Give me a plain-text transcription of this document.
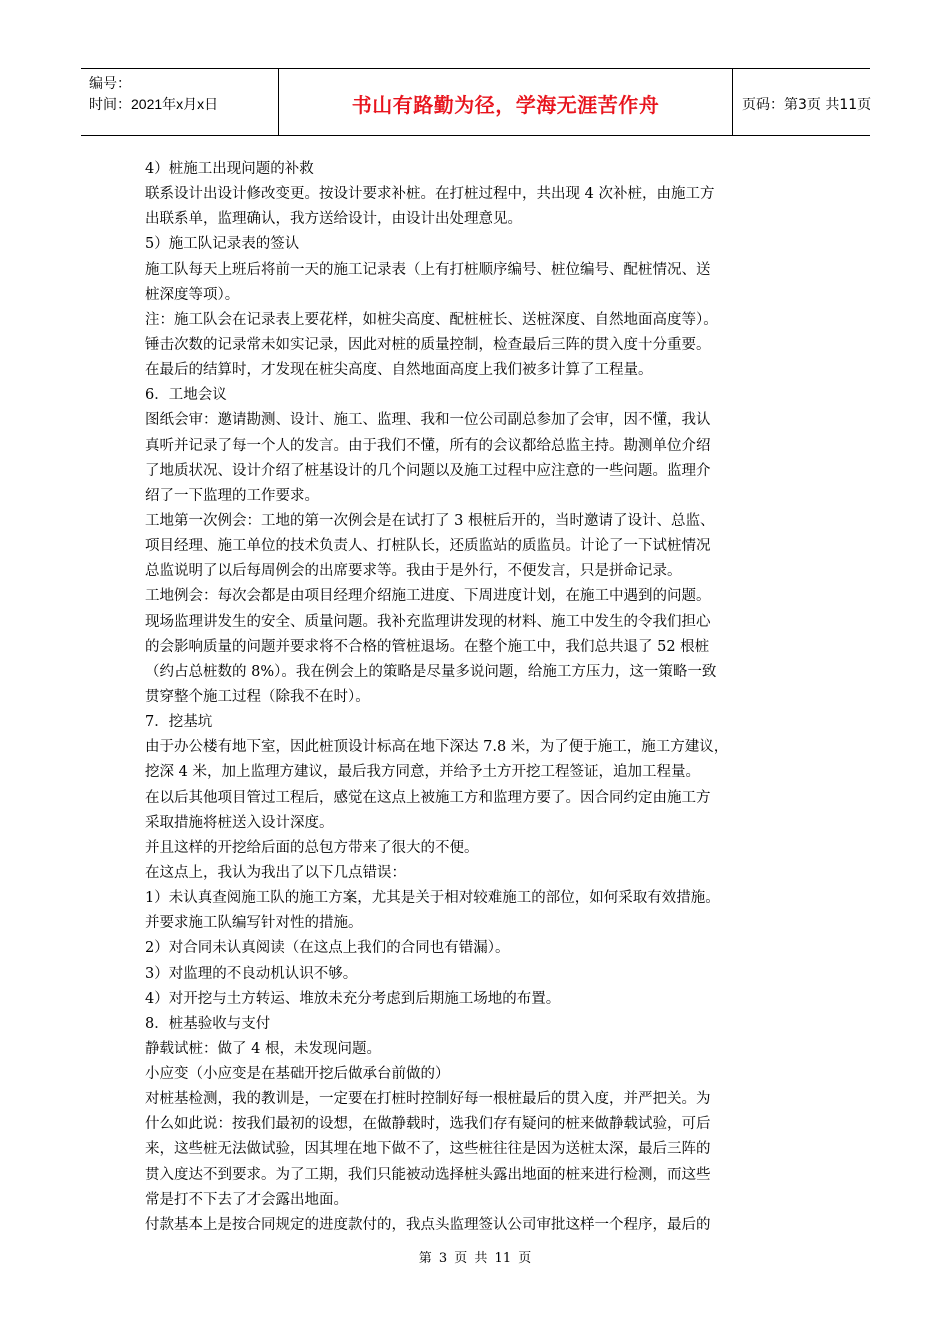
编号：
时间：2021年x月x日	书山有路勤为径，学海无涯苦作舟	页码：第3页 共11页
4）桩施工出现问题的补救
联系设计出设计修改变更。按设计要求补桩。在打桩过程中，共出现 4 次补桩，由施工方
出联系单，监理确认，我方送给设计，由设计出处理意见。
5）施工队记录表的签认
施工队每天上班后将前一天的施工记录表（上有打桩顺序编号、桩位编号、配桩情况、送
桩深度等项）。
注：施工队会在记录表上要花样，如桩尖高度、配桩桩长、送桩深度、自然地面高度等）。
锤击次数的记录常未如实记录，因此对桩的质量控制，检查最后三阵的贯入度十分重要。
在最后的结算时，才发现在桩尖高度、自然地面高度上我们被多计算了工程量。
6．工地会议
图纸会审：邀请勘测、设计、施工、监理、我和一位公司副总参加了会审，因不懂，我认
真听并记录了每一个人的发言。由于我们不懂，所有的会议都给总监主持。勘测单位介绍
了地质状况、设计介绍了桩基设计的几个问题以及施工过程中应注意的一些问题。监理介
绍了一下监理的工作要求。
工地第一次例会：工地的第一次例会是在试打了 3 根桩后开的，当时邀请了设计、总监、
项目经理、施工单位的技术负责人、打桩队长，还质监站的质监员。计论了一下试桩情况
总监说明了以后每周例会的出席要求等。我由于是外行，不便发言，只是拼命记录。
工地例会：每次会都是由项目经理介绍施工进度、下周进度计划，在施工中遇到的问题。
现场监理讲发生的安全、质量问题。我补充监理讲发现的材料、施工中发生的令我们担心
的会影响质量的问题并要求将不合格的管桩退场。在整个施工中，我们总共退了 52 根桩
（约占总桩数的 8%）。我在例会上的策略是尽量多说问题，给施工方压力，这一策略一致
贯穿整个施工过程（除我不在时）。
7．挖基坑
由于办公楼有地下室，因此桩顶设计标高在地下深达 7.8 米，为了便于施工，施工方建议，
挖深 4 米，加上监理方建议，最后我方同意，并给予土方开挖工程签证，追加工程量。
在以后其他项目管过工程后，感觉在这点上被施工方和监理方要了。因合同约定由施工方
采取措施将桩送入设计深度。
并且这样的开挖给后面的总包方带来了很大的不便。
在这点上，我认为我出了以下几点错误：
1）未认真查阅施工队的施工方案，尤其是关于相对较难施工的部位，如何采取有效措施。
并要求施工队编写针对性的措施。
2）对合同未认真阅读（在这点上我们的合同也有错漏）。
3）对监理的不良动机认识不够。
4）对开挖与土方转运、堆放未充分考虑到后期施工场地的布置。
8．桩基验收与支付
静载试桩：做了 4 根，未发现问题。
小应变（小应变是在基础开挖后做承台前做的）
对桩基检测，我的教训是，一定要在打桩时控制好每一根桩最后的贯入度，并严把关。为
什么如此说：按我们最初的设想，在做静载时，选我们存有疑问的桩来做静载试验，可后
来，这些桩无法做试验，因其埋在地下做不了，这些桩往往是因为送桩太深，最后三阵的
贯入度达不到要求。为了工期，我们只能被动选择桩头露出地面的桩来进行检测，而这些
常是打不下去了才会露出地面。
付款基本上是按合同规定的进度款付的，我点头监理签认公司审批这样一个程序，最后的
第 3 页 共 11 页
